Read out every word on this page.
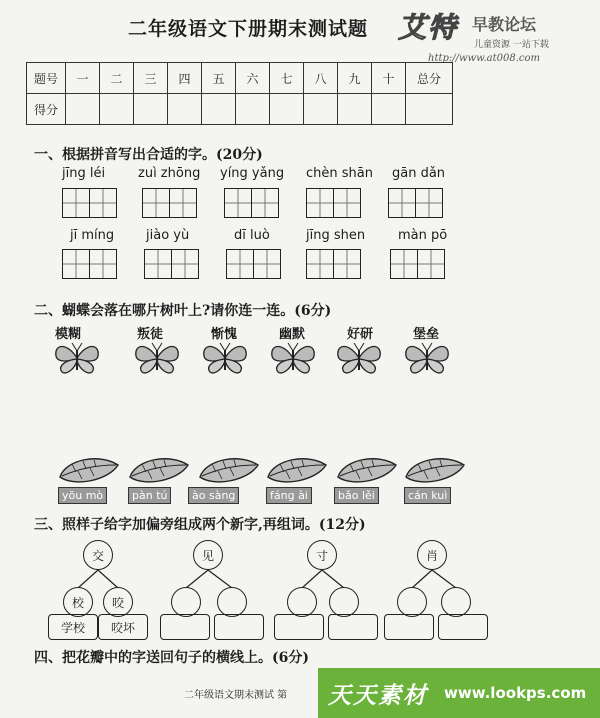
二年级语文下册期末测试题 艾特 早教论坛
儿童资源 一站下载
http://www.at008.com
题号	一	二	三	四	五	六	七	八	九	十	总分
得分											
一、根据拼音写出合适的字。(20分)
jīng léi	zuì zhōng yíng yǎng chèn shān gān dǎn
jī míng jiào yù	dī luò	jīng shen	màn pō
二、蝴蝶会落在哪片树叶上?请你连一连。(6分)
模糊	叛徒	惭愧	幽默	好研	堡垒
yōu mò	pàn tú	ào sàng	fáng ài	bǎo lěi	cán kuì
三、照样子给字加偏旁组成两个新字,再组词。(12分)
交
校	咬
学校	咬坏
见	寸	肖
四、把花瓣中的字送回句子的横线上。(6分)
二年级语文期末测试 第 天天素材 www.lookps.com
